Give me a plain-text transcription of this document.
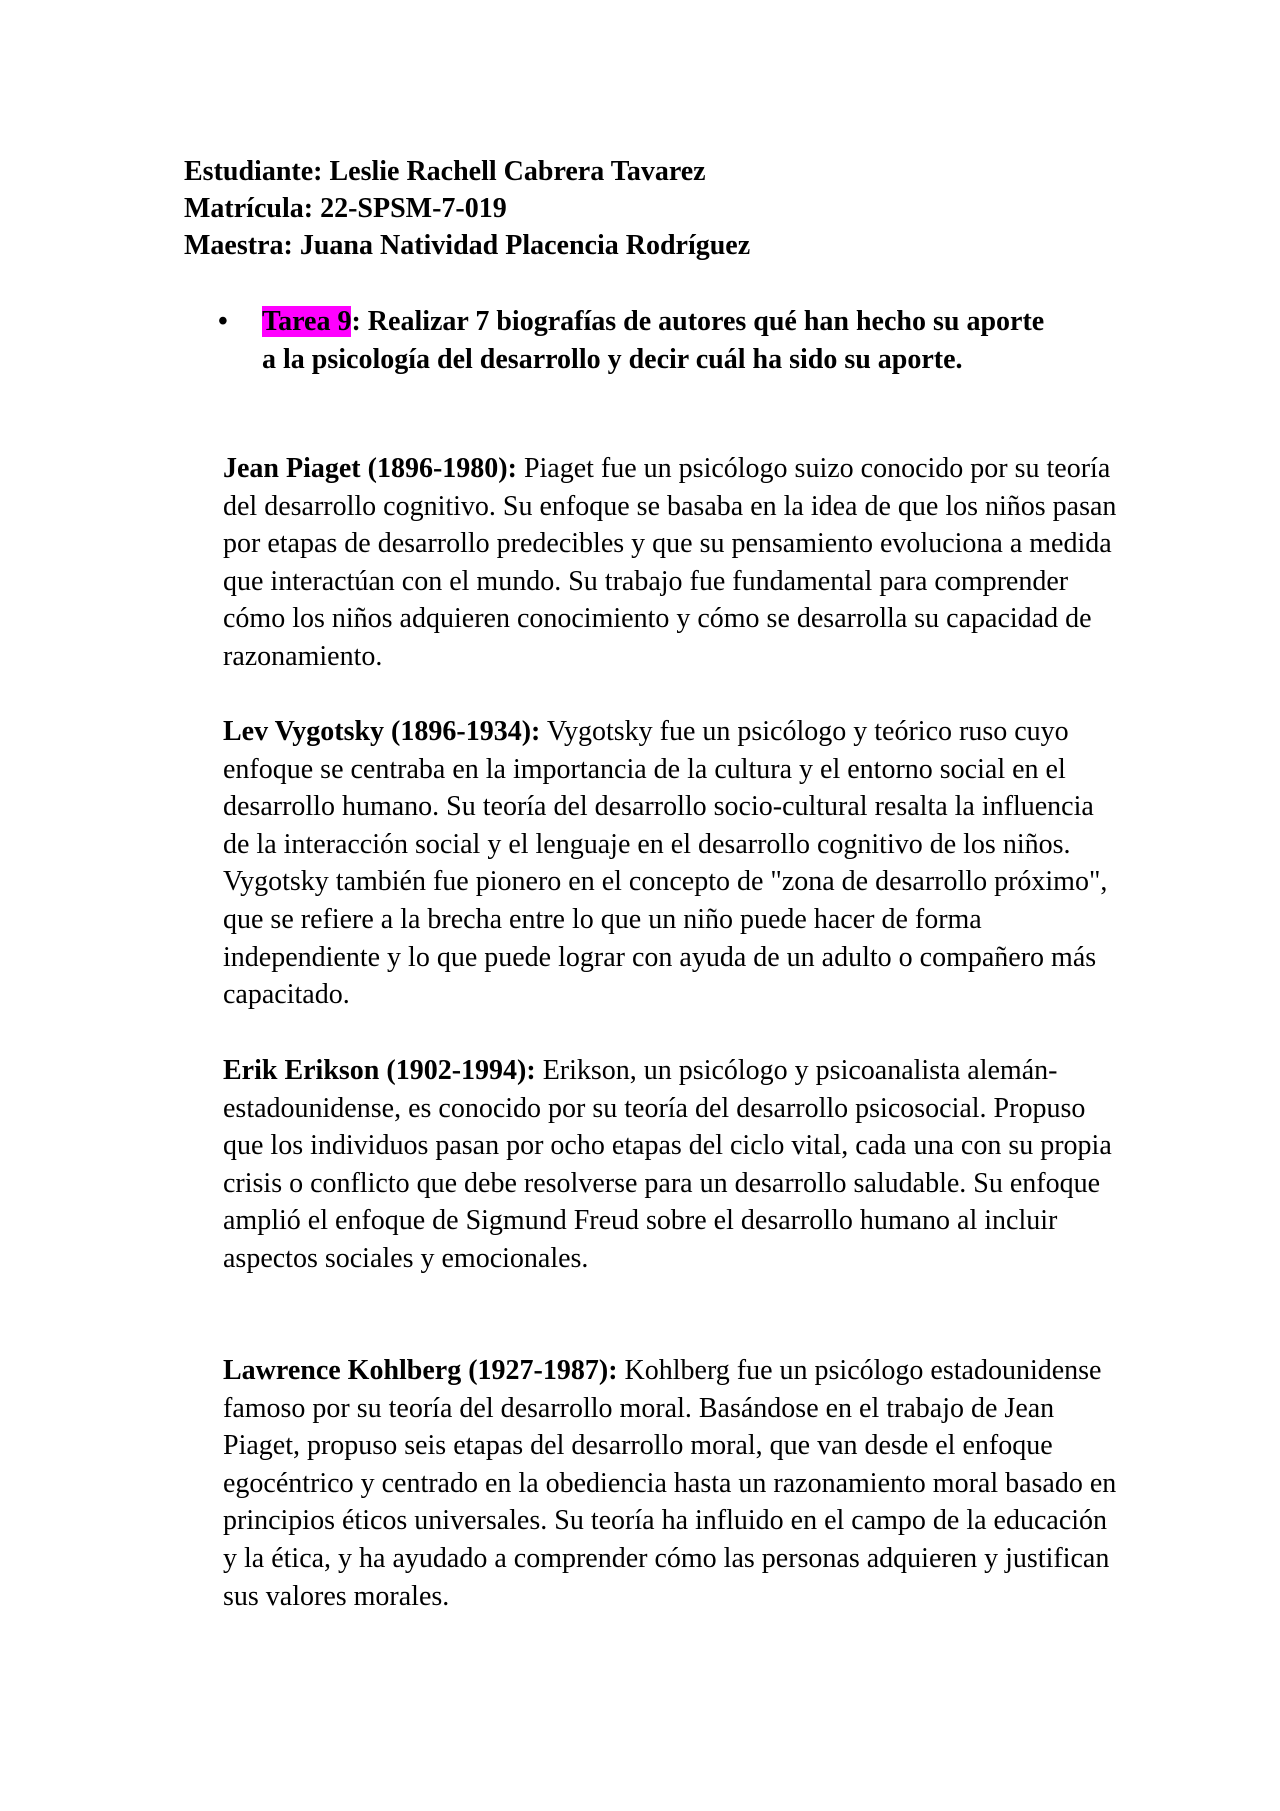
Estudiante: Leslie Rachell Cabrera Tavarez
Matrícula: 22-SPSM-7-019
Maestra: Juana Natividad Placencia Rodríguez
• Tarea 9: Realizar 7 biografías de autores qué han hecho su aporte a la psicología del desarrollo y decir cuál ha sido su aporte.
Jean Piaget (1896-1980): Piaget fue un psicólogo suizo conocido por su teoría del desarrollo cognitivo. Su enfoque se basaba en la idea de que los niños pasan por etapas de desarrollo predecibles y que su pensamiento evoluciona a medida que interactúan con el mundo. Su trabajo fue fundamental para comprender cómo los niños adquieren conocimiento y cómo se desarrolla su capacidad de razonamiento.
Lev Vygotsky (1896-1934): Vygotsky fue un psicólogo y teórico ruso cuyo enfoque se centraba en la importancia de la cultura y el entorno social en el desarrollo humano. Su teoría del desarrollo socio-cultural resalta la influencia de la interacción social y el lenguaje en el desarrollo cognitivo de los niños. Vygotsky también fue pionero en el concepto de "zona de desarrollo próximo", que se refiere a la brecha entre lo que un niño puede hacer de forma independiente y lo que puede lograr con ayuda de un adulto o compañero más capacitado.
Erik Erikson (1902-1994): Erikson, un psicólogo y psicoanalista alemán-estadounidense, es conocido por su teoría del desarrollo psicosocial. Propuso que los individuos pasan por ocho etapas del ciclo vital, cada una con su propia crisis o conflicto que debe resolverse para un desarrollo saludable. Su enfoque amplió el enfoque de Sigmund Freud sobre el desarrollo humano al incluir aspectos sociales y emocionales.
Lawrence Kohlberg (1927-1987): Kohlberg fue un psicólogo estadounidense famoso por su teoría del desarrollo moral. Basándose en el trabajo de Jean Piaget, propuso seis etapas del desarrollo moral, que van desde el enfoque egocéntrico y centrado en la obediencia hasta un razonamiento moral basado en principios éticos universales. Su teoría ha influido en el campo de la educación y la ética, y ha ayudado a comprender cómo las personas adquieren y justifican sus valores morales.
